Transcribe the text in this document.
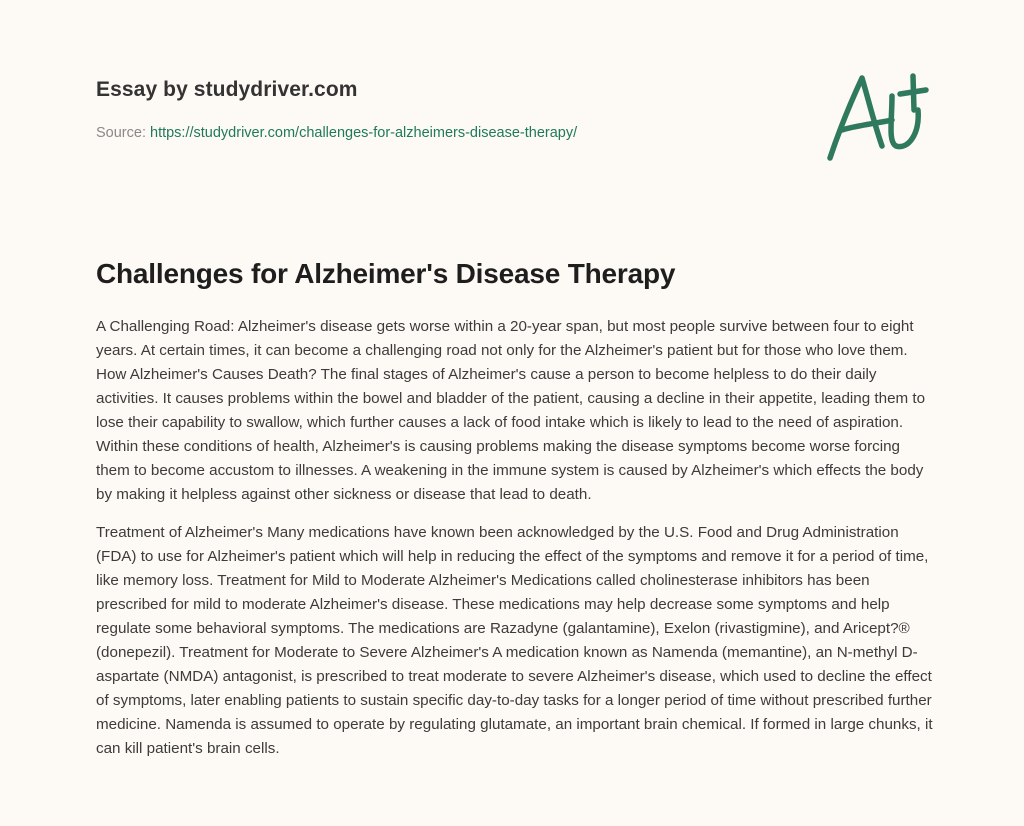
Essay by studydriver.com
Source: https://studydriver.com/challenges-for-alzheimers-disease-therapy/
Challenges for Alzheimer's Disease Therapy

A Challenging Road: Alzheimer's disease gets worse within a 20-year span, but most people survive between four to eight years. At certain times, it can become a challenging road not only for the Alzheimer's patient but for those who love them. How Alzheimer's Causes Death? The final stages of Alzheimer's cause a person to become helpless to do their daily activities. It causes problems within the bowel and bladder of the patient, causing a decline in their appetite, leading them to lose their capability to swallow, which further causes a lack of food intake which is likely to lead to the need of aspiration. Within these conditions of health, Alzheimer's is causing problems making the disease symptoms become worse forcing them to become accustom to illnesses. A weakening in the immune system is caused by Alzheimer's which effects the body by making it helpless against other sickness or disease that lead to death.

Treatment of Alzheimer's Many medications have known been acknowledged by the U.S. Food and Drug Administration (FDA) to use for Alzheimer's patient which will help in reducing the effect of the symptoms and remove it for a period of time, like memory loss. Treatment for Mild to Moderate Alzheimer's Medications called cholinesterase inhibitors has been prescribed for mild to moderate Alzheimer's disease. These medications may help decrease some symptoms and help regulate some behavioral symptoms. The medications are Razadyne (galantamine), Exelon (rivastigmine), and Aricept?® (donepezil). Treatment for Moderate to Severe Alzheimer's A medication known as Namenda (memantine), an N-methyl D-aspartate (NMDA) antagonist, is prescribed to treat moderate to severe Alzheimer's disease, which used to decline the effect of symptoms, later enabling patients to sustain specific day-to-day tasks for a longer period of time without prescribed further medicine. Namenda is assumed to operate by regulating glutamate, an important brain chemical. If formed in large chunks, it can kill patient's brain cells.
